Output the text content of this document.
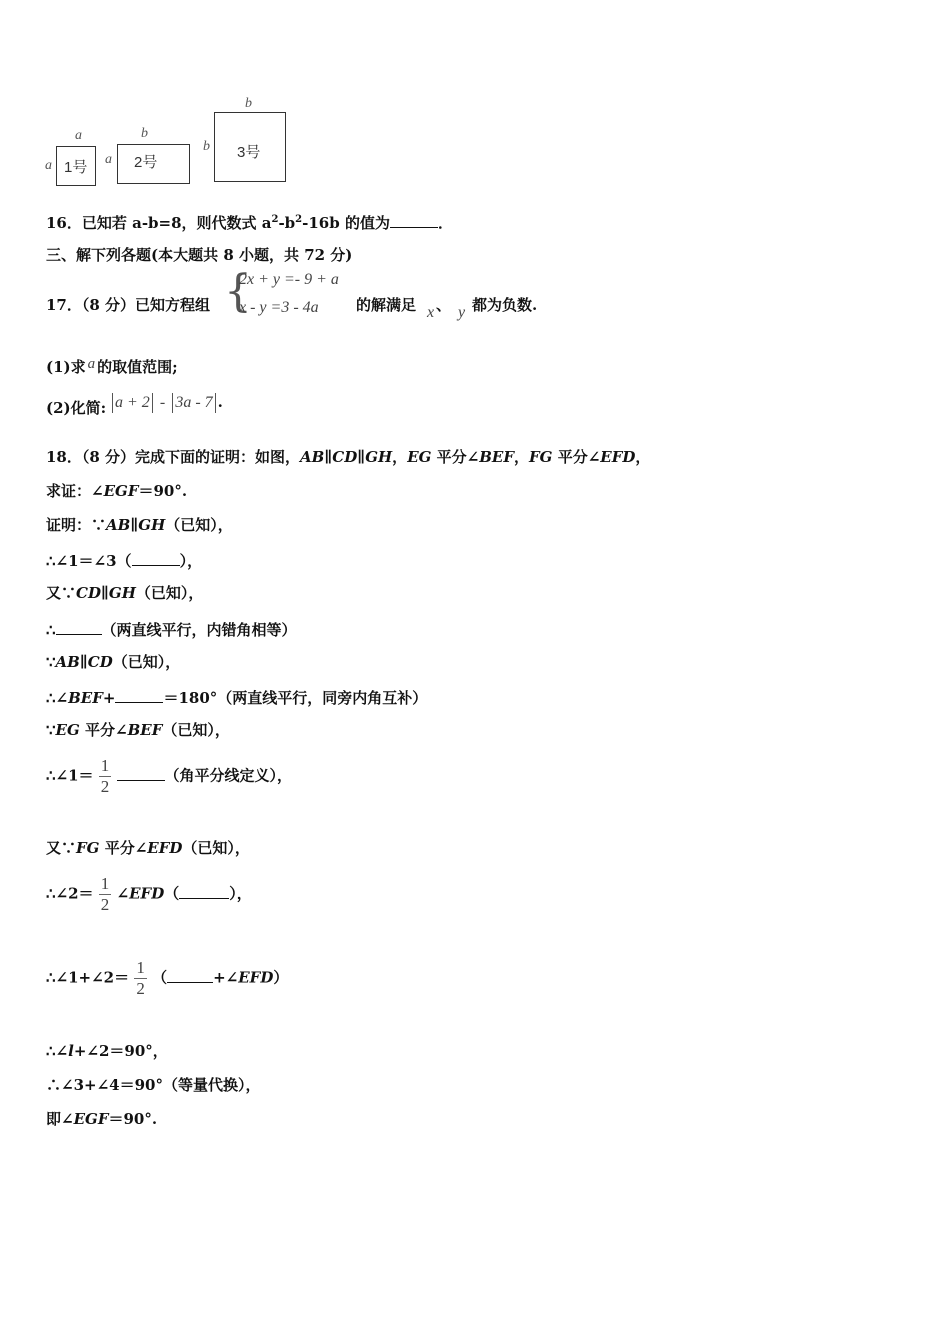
a
a 1号
b
a 2号
b
b 3号
16．已知若 a-b=8，则代数式 $a^2-b^2-16b$ 的值为	．
三、解下列各题(本大题共 8 小题，共 72 分)
17．（8 分）已知方程组 {
2x + y =- 9 + a
x - y =3 - 4a 的解满足 x 、 y 都为负数.
(1)求 a 的取值范围;
(2)化简: a + 2 - 3a - 7 .
18．（8 分）完成下面的证明：如图，AB∥CD∥GH，EG 平分∠BEF，FG 平分∠EFD，
求证：∠EGF＝90°.
证明：∵AB∥GH（已知），
∴∠1＝∠3（	），
又∵CD∥GH（已知），
∴	（两直线平行，内错角相等）
∵AB∥CD（已知），
∴∠BEF+	＝180°（两直线平行，同旁内角互补）
∵EG 平分∠BEF（已知），
∴∠1＝ $\frac{1}{2}$	（角平分线定义），
又∵FG 平分∠EFD（已知），
∴∠2＝ $\frac{1}{2}$ ∠EFD（	），
∴∠1+∠2＝ $\frac{1}{2}$ （	+∠EFD）
∴∠l+∠2＝90°，
∴∠3+∠4＝90°（等量代换），
即∠EGF＝90°.
